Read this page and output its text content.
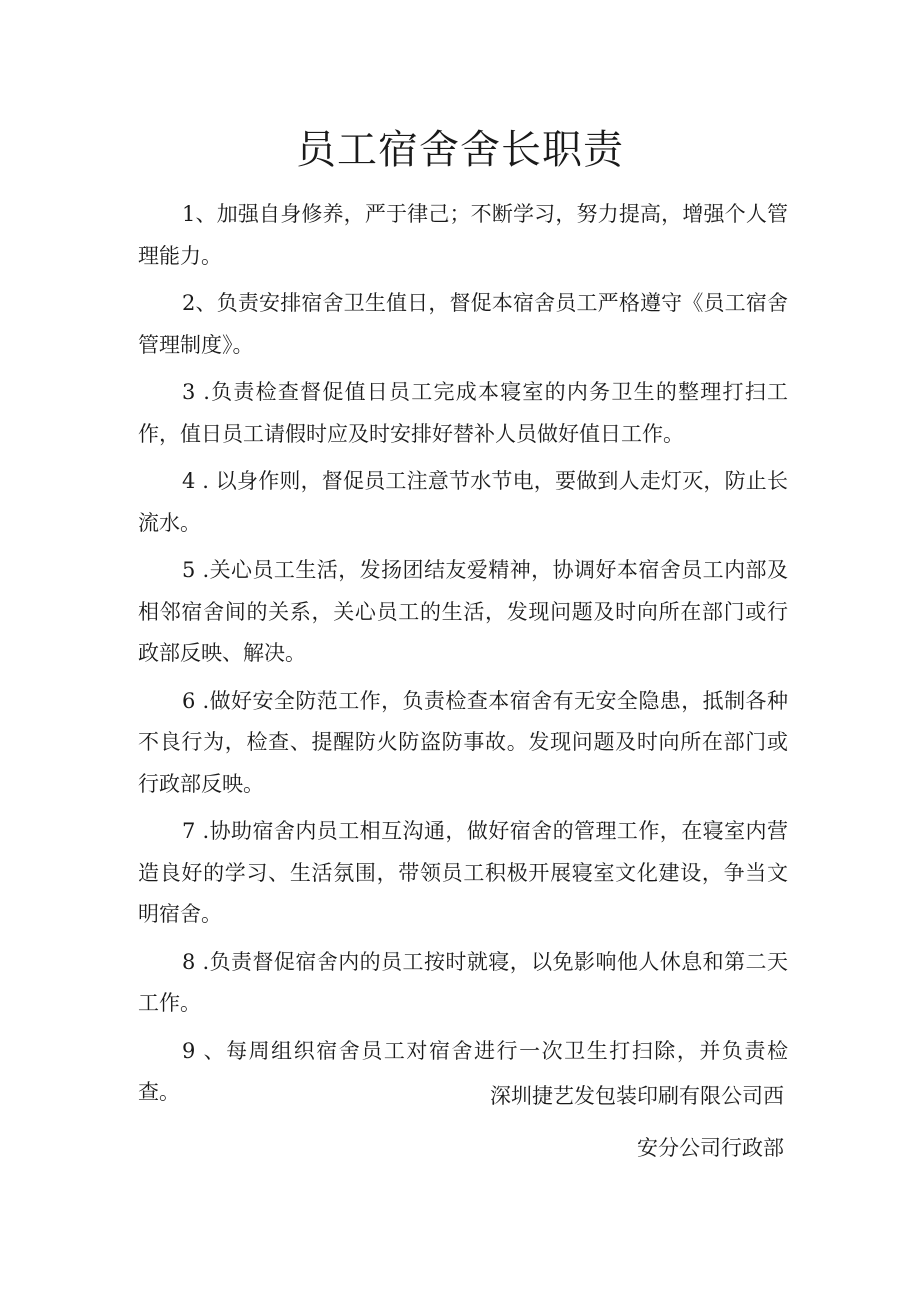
员工宿舍舍长职责

1、加强自身修养，严于律己；不断学习，努力提高，增强个人管理能力。

2、负责安排宿舍卫生值日，督促本宿舍员工严格遵守《员工宿舍管理制度》。

3 .负责检查督促值日员工完成本寝室的内务卫生的整理打扫工作，值日员工请假时应及时安排好替补人员做好值日工作。

4 . 以身作则，督促员工注意节水节电，要做到人走灯灭，防止长流水。

5 .关心员工生活，发扬团结友爱精神，协调好本宿舍员工内部及相邻宿舍间的关系，关心员工的生活，发现问题及时向所在部门或行政部反映、解决。

6 .做好安全防范工作，负责检查本宿舍有无安全隐患，抵制各种不良行为，检查、提醒防火防盗防事故。发现问题及时向所在部门或行政部反映。

7 .协助宿舍内员工相互沟通，做好宿舍的管理工作，在寝室内营造良好的学习、生活氛围，带领员工积极开展寝室文化建设，争当文明宿舍。

8 .负责督促宿舍内的员工按时就寝，以免影响他人休息和第二天工作。

9 、每周组织宿舍员工对宿舍进行一次卫生打扫除，并负责检查。	深圳捷艺发包装印刷有限公司西
安分公司行政部
